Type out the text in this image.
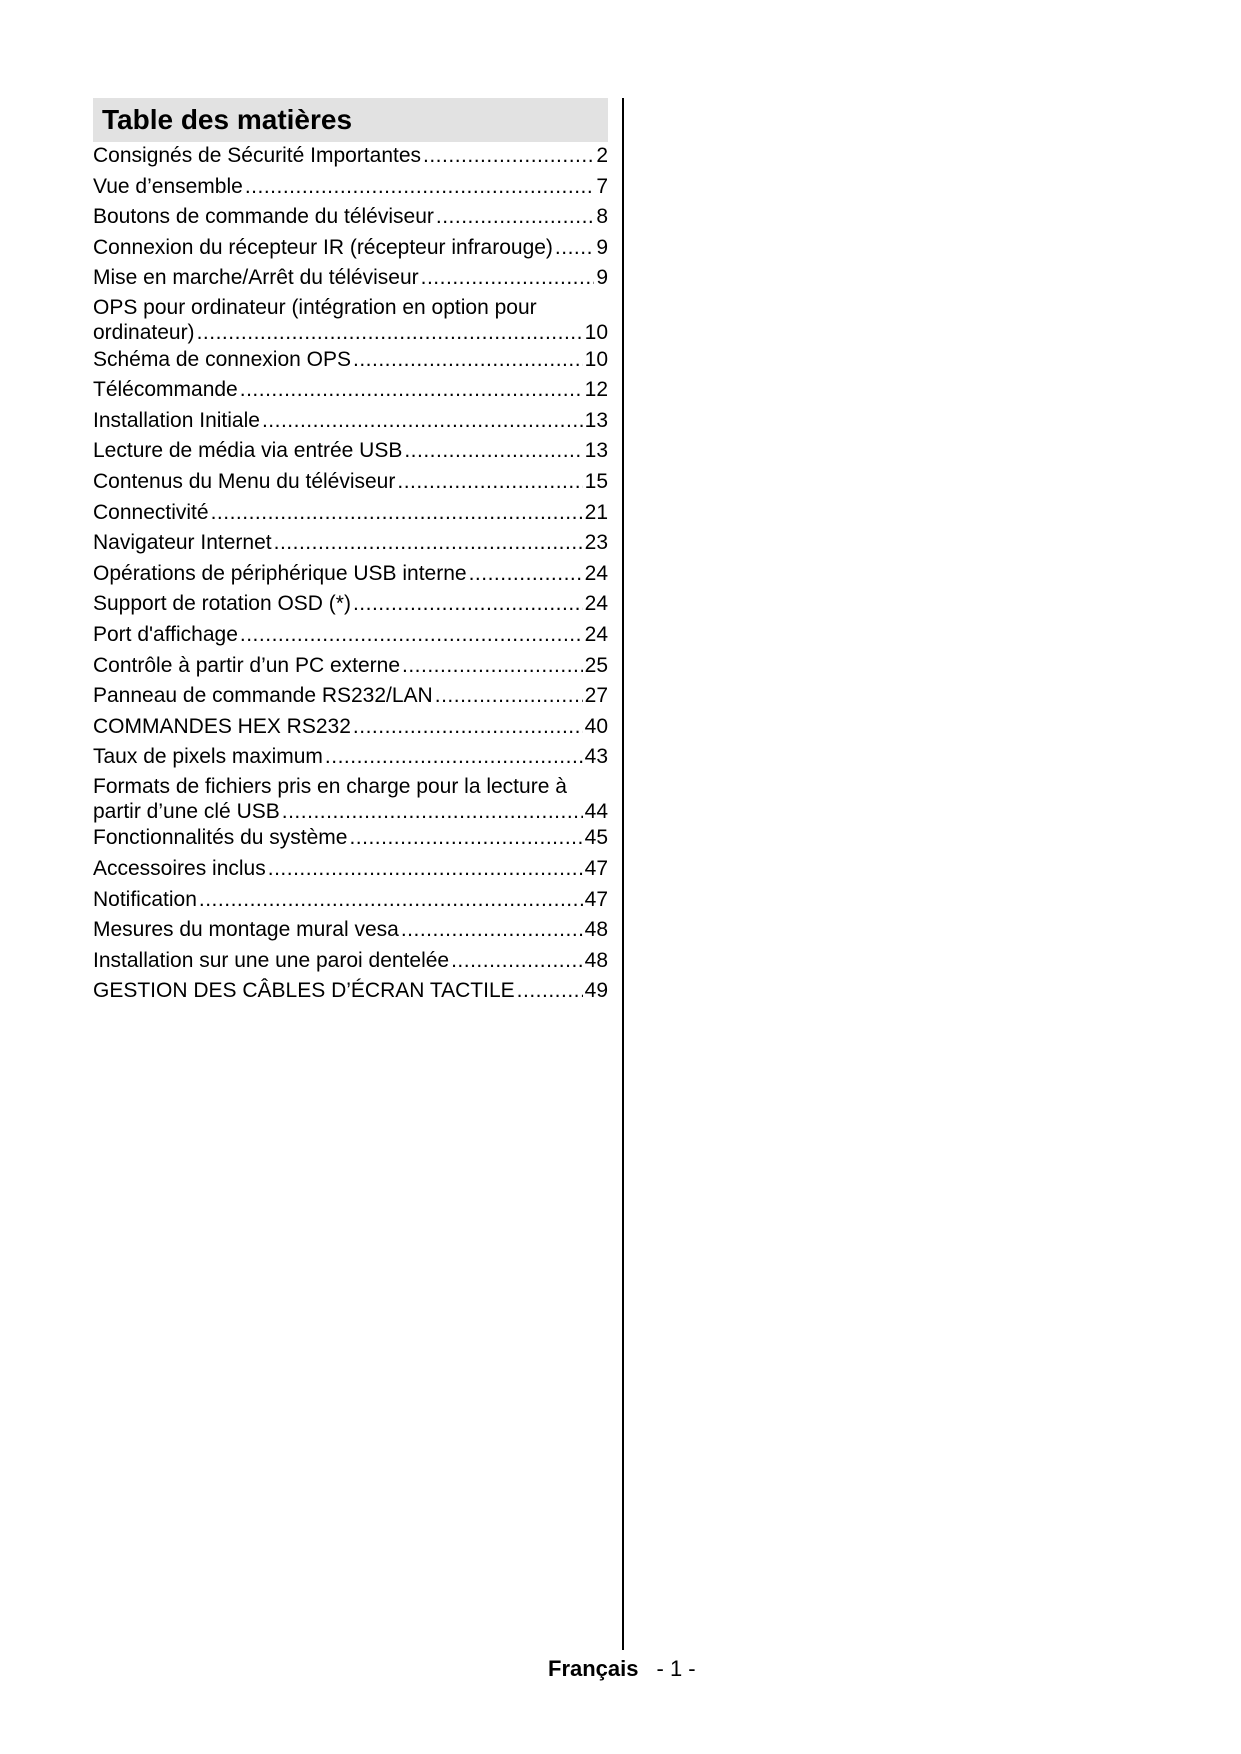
Table des matières
Consignés de Sécurité Importantes .....	2
Vue d’ensemble .....	7
Boutons de commande du téléviseur .....	8
Connexion du récepteur IR (récepteur infrarouge) ..... 9
Mise en marche/Arrêt du téléviseur .....	9
OPS pour ordinateur (intégration en option pour
ordinateur) .....	10
Schéma de connexion OPS .....	10
Télécommande .....	12
Installation Initiale .....	13
Lecture de média via entrée USB .....	13
Contenus du Menu du téléviseur .....	15
Connectivité .....	21
Navigateur Internet .....	23
Opérations de périphérique USB interne .....	24
Support de rotation OSD (*) .....	24
Port d'affichage .....	24
Contrôle à partir d’un PC externe .....	25
Panneau de commande RS232/LAN .....	27
COMMANDES HEX RS232 .....	40
Taux de pixels maximum .....	43
Formats de fichiers pris en charge pour la lecture à
partir d’une clé USB .....	44
Fonctionnalités du système .....	45
Accessoires inclus .....	47
Notification .....	47
Mesures du montage mural vesa .....	48
Installation sur une une paroi dentelée .....	48
GESTION DES CÂBLES D’ÉCRAN TACTILE .....	49
Français - 1 -
